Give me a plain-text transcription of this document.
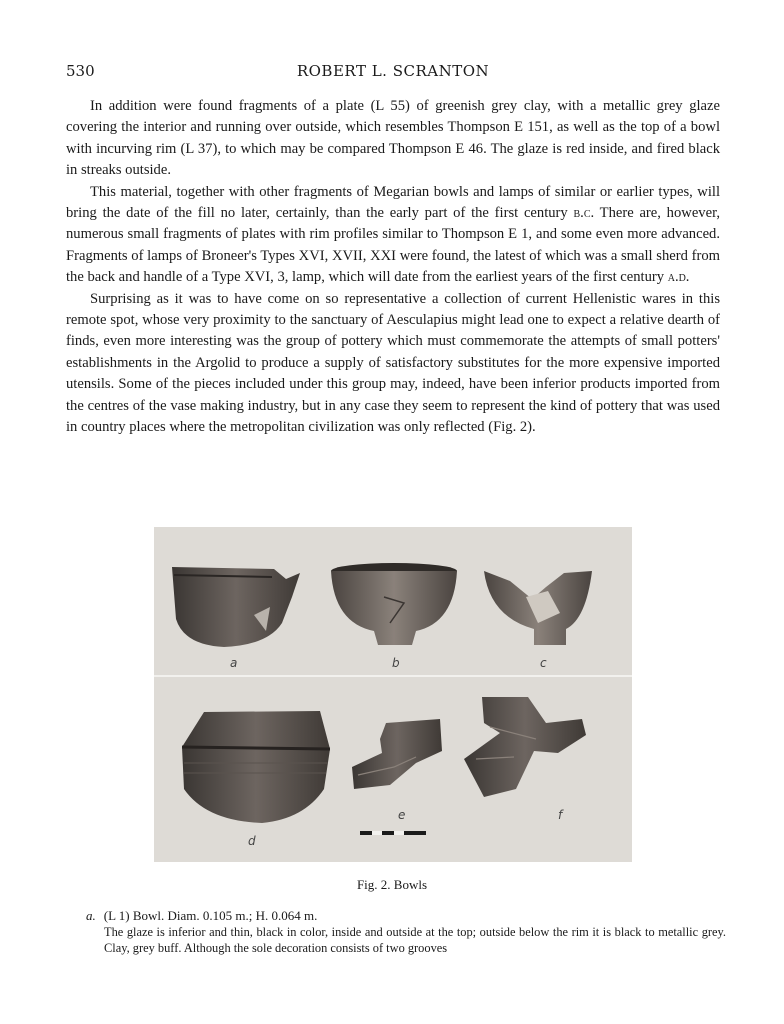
530	ROBERT L. SCRANTON

In addition were found fragments of a plate (L 55) of greenish grey clay, with a metallic grey glaze covering the interior and running over outside, which resembles Thompson E 151, as well as the top of a bowl with incurving rim (L 37), to which may be compared Thompson E 46. The glaze is red inside, and fired black in streaks outside.

This material, together with other fragments of Megarian bowls and lamps of similar or earlier types, will bring the date of the fill no later, certainly, than the early part of the first century b.c. There are, however, numerous small fragments of plates with rim profiles similar to Thompson E 1, and some even more advanced. Fragments of lamps of Broneer's Types XVI, XVII, XXI were found, the latest of which was a small sherd from the back and handle of a Type XVI, 3, lamp, which will date from the earliest years of the first century a.d.

Surprising as it was to have come on so representative a collection of current Hellenistic wares in this remote spot, whose very proximity to the sanctuary of Aesculapius might lead one to expect a relative dearth of finds, even more interesting was the group of pottery which must commemorate the attempts of small potters' establishments in the Argolid to produce a supply of satisfactory substitutes for the more expensive imported utensils. Some of the pieces included under this group may, indeed, have been inferior products imported from the centres of the vase making industry, but in any case they seem to represent the kind of pottery that was used in country places where the metropolitan civilization was only reflected (Fig. 2).

a	b	c
d
e	f
Fig. 2. Bowls

a. (L 1) Bowl. Diam. 0.105 m.; H. 0.064 m.

The glaze is inferior and thin, black in color, inside and outside at the top; outside below the rim it is black to metallic grey. Clay, grey buff. Although the sole decoration consists of two grooves
